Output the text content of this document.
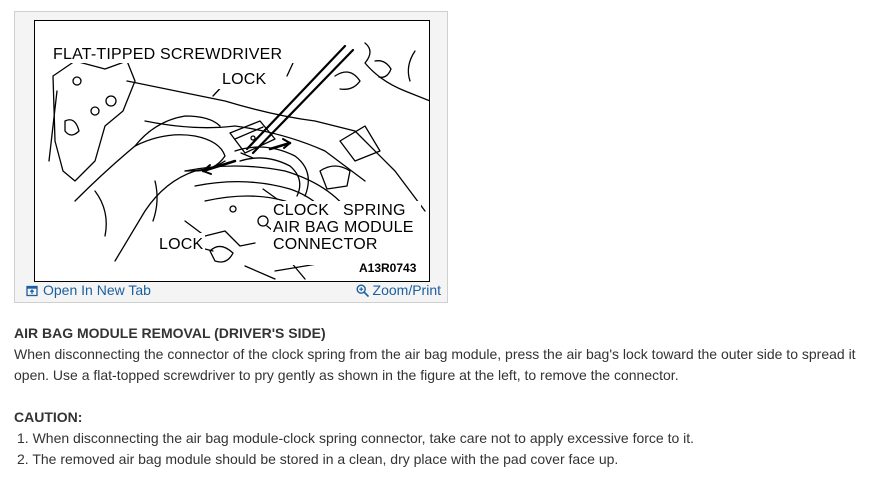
FLAT-TIPPED SCREWDRIVER
LOCK
CLOCK   SPRING
AIR BAG MODULE
CONNECTOR
LOCK
A13R0743
Open In New Tab	Zoom/Print

AIR BAG MODULE REMOVAL (DRIVER'S SIDE)

When disconnecting the connector of the clock spring from the air bag module, press the air bag's lock toward the outer side to spread it open. Use a flat-topped screwdriver to pry gently as shown in the figure at the left, to remove the connector.

CAUTION:

1. When disconnecting the air bag module-clock spring connector, take care not to apply excessive force to it.
2. The removed air bag module should be stored in a clean, dry place with the pad cover face up.
